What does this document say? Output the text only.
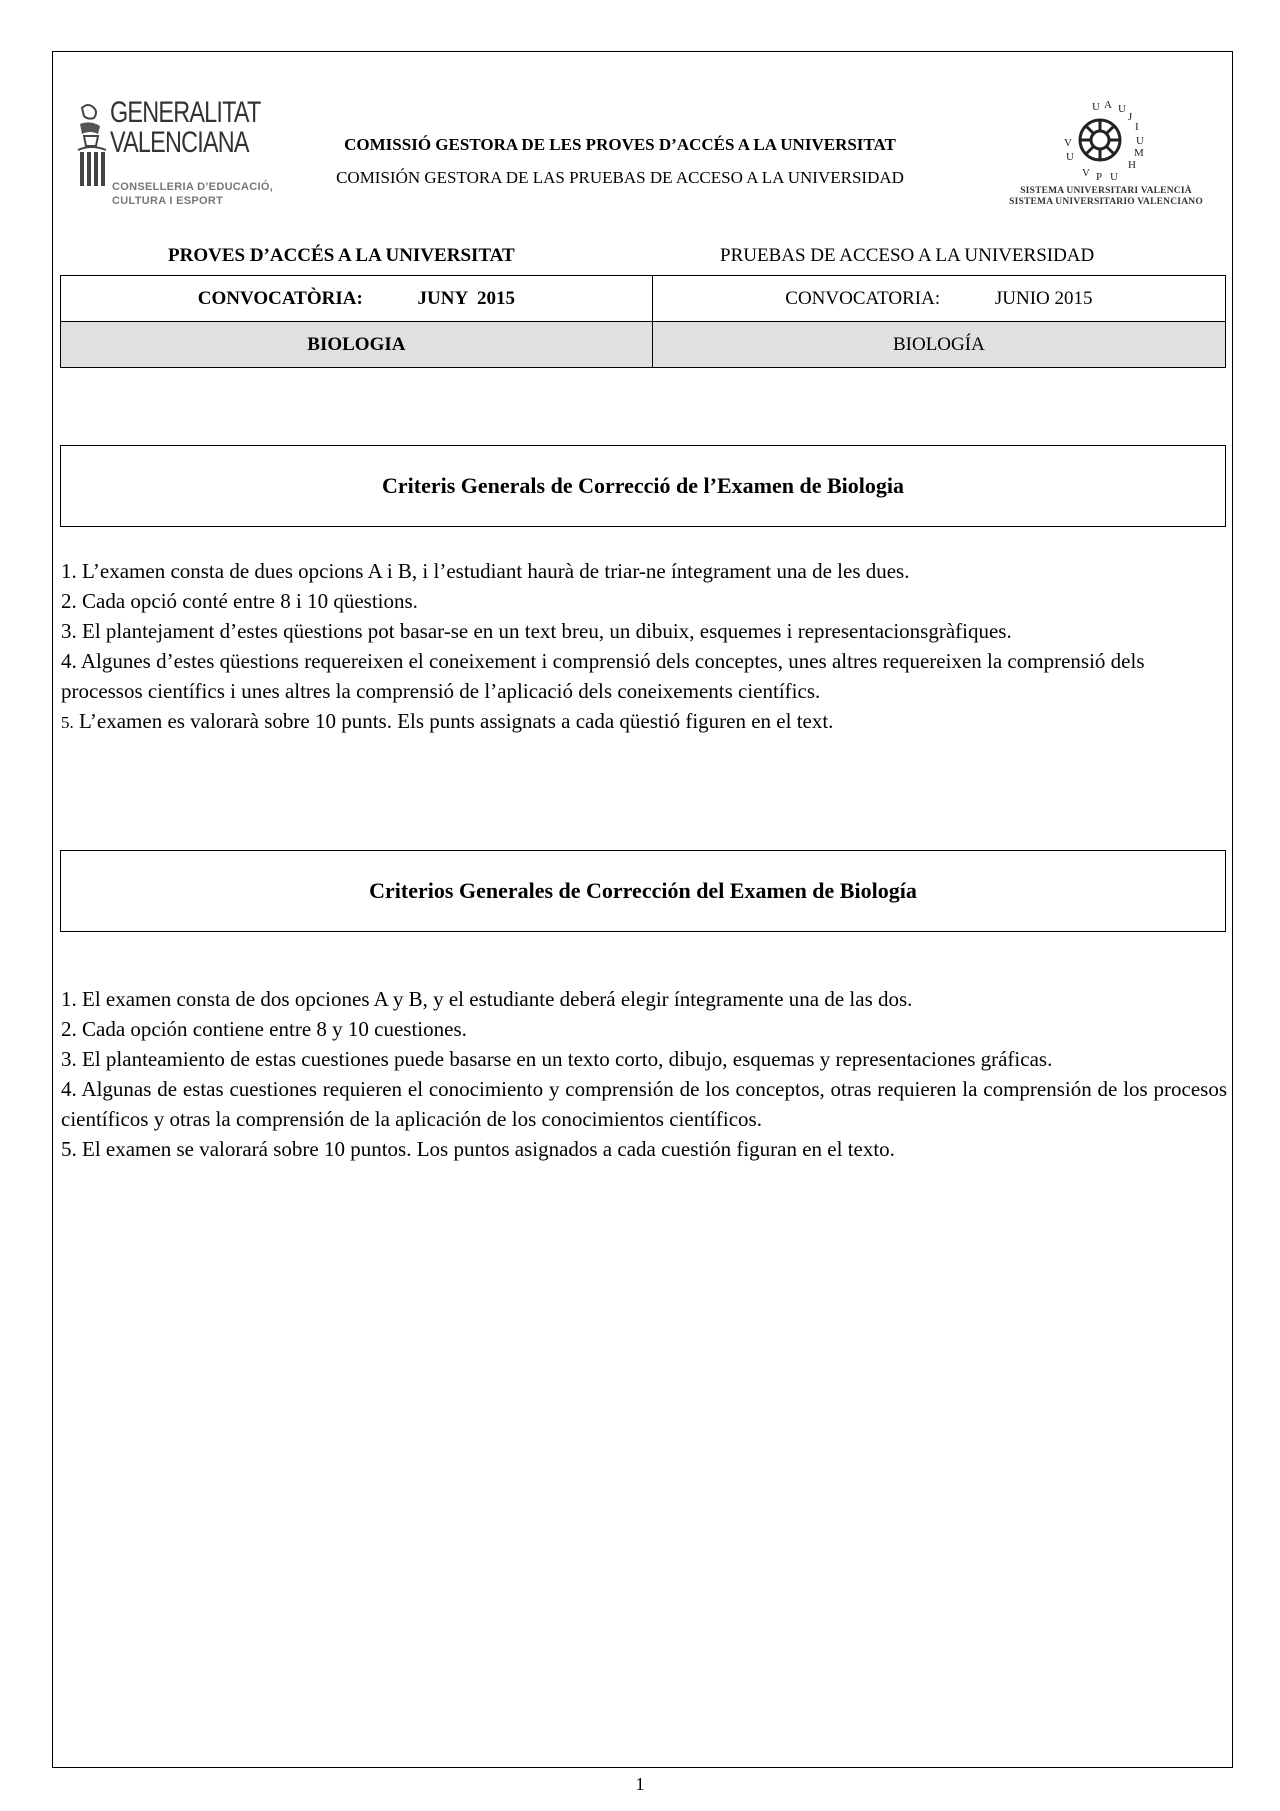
GENERALITAT
VALENCIANA
CONSELLERIA D’EDUCACIÓ,
CULTURA I ESPORT
COMISSIÓ GESTORA DE LES PROVES D’ACCÉS A LA UNIVERSITAT
COMISIÓN GESTORA DE LAS PRUEBAS DE ACCESO A LA UNIVERSIDAD
U A U
J
I
U
M
H
U
P
V
U
V
SISTEMA UNIVERSITARI VALENCIÀ
SISTEMA UNIVERSITARIO VALENCIANO
PROVES D’ACCÉS A LA UNIVERSITAT	PRUEBAS DE ACCESO A LA UNIVERSIDAD
CONVOCATÒRIA: JUNY  2015	CONVOCATORIA: JUNIO 2015
BIOLOGIA	BIOLOGÍA
Criteris Generals de Correcció de l’Examen de Biologia
1. L’examen consta de dues opcions A i B, i l’estudiant haurà de triar-ne íntegrament una de les dues.
2. Cada opció conté entre 8 i 10 qüestions.
3. El plantejament d’estes qüestions pot basar-se en un text breu, un dibuix, esquemes i representacionsgràfiques.
4. Algunes d’estes qüestions requereixen el coneixement i comprensió dels conceptes, unes altres requereixen la comprensió dels processos científics i unes altres la comprensió de l’aplicació dels coneixements científics.
5. L’examen es valorarà sobre 10 punts. Els punts assignats a cada qüestió figuren en el text.
Criterios Generales de Corrección del Examen de Biología
1. El examen consta de dos opciones A y B, y el estudiante deberá elegir íntegramente una de las dos.
2. Cada opción contiene entre 8 y 10 cuestiones.
3. El planteamiento de estas cuestiones puede basarse en un texto corto, dibujo, esquemas y representaciones gráficas.
4. Algunas de estas cuestiones requieren el conocimiento y comprensión de los conceptos, otras requieren la comprensión de los procesos científicos y otras la comprensión de la aplicación de los conocimientos científicos.
5. El examen se valorará sobre 10 puntos. Los puntos asignados a cada cuestión figuran en el texto.
1
